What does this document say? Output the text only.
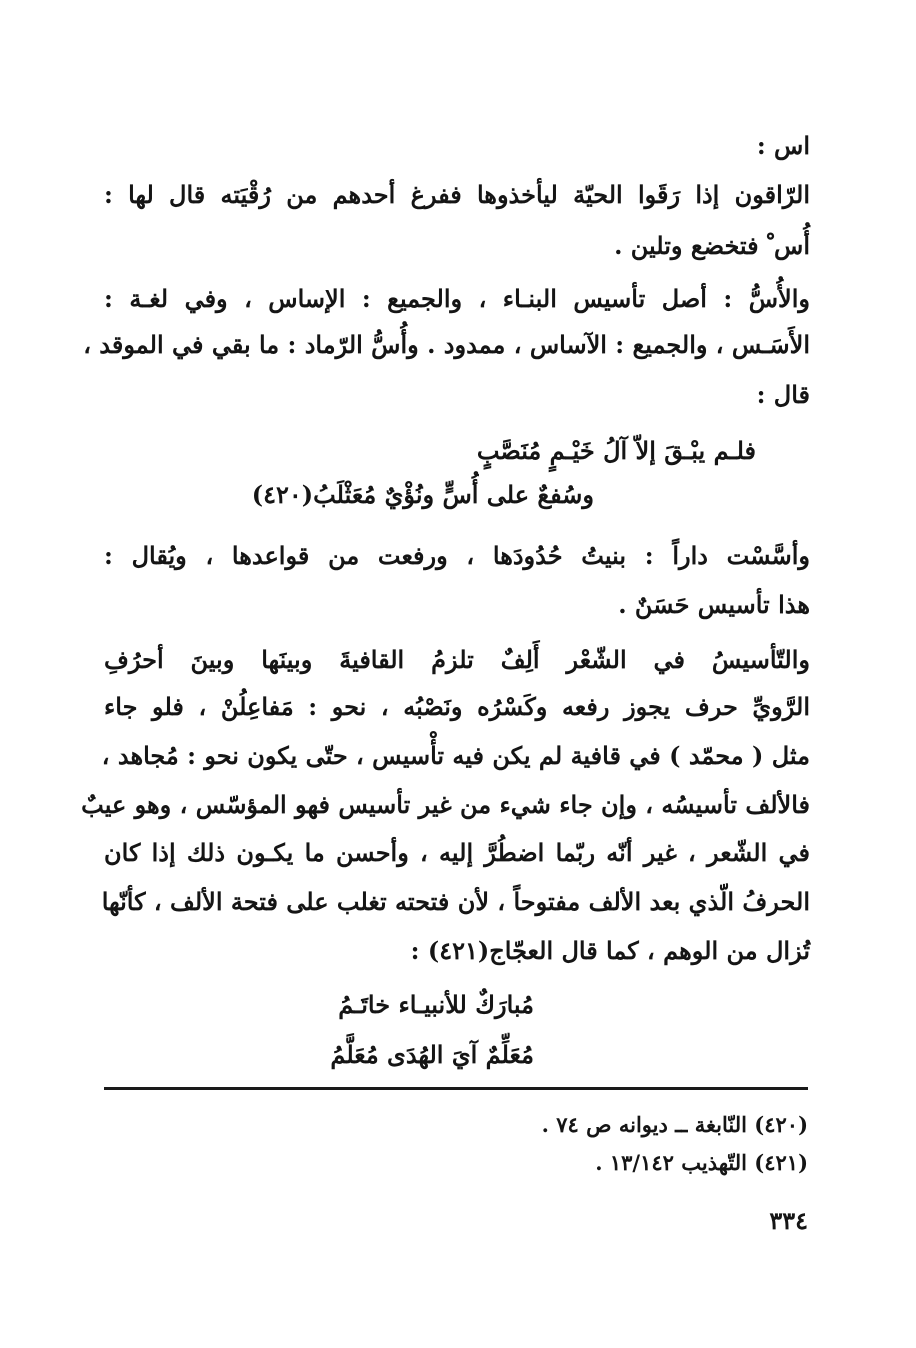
اس :
الرّاقون إذا رَقَوا الحيّة ليأخذوها ففرغ أحدهم من رُقْيَته قال لها :
أُس ْ فتخضع وتلين .
والأُسُّ : أصل تأسيس البنـاء ، والجميع : الإساس ، وفي لغـة :
الأَسَـس ، والجميع : الآساس ، ممدود . وأُسُّ الرّماد : ما بقي في الموقد ،
قال :
فلـم يبْـقَ إلاّ آلُ خَيْـمٍ مُنَصَّبٍ
وسُفعٌ على أُسٍّ ونُؤْيٌ مُعَثْلَبُ(٤٢٠)
وأسَّسْت داراً : بنيتُ حُدُودَها ، ورفعت من قواعدها ، ويُقال :
هذا تأسيس حَسَنٌ .
والتّأسيسُ في الشّعْر أَلِفٌ تلزمُ القافيةَ وبينَها وبينَ أحرُفِ
الرَّويِّ حرف يجوز رفعه وكَسْرُه ونَصْبُه ، نحو : مَفاعِلُنْ ، فلو جاء
مثل ( محمّد ) في قافية لم يكن فيه تأْسيس ، حتّى يكون نحو : مُجاهد ،
فالألف تأسيسُه ، وإن جاء شيء من غير تأسيس فهو المؤسّس ، وهو عيبٌ
في الشّعر ، غير أنّه ربّما اضطُرَّ إليه ، وأحسن ما يكـون ذلك إذا كان
الحرفُ الّذي بعد الألف مفتوحاً ، لأن فتحته تغلب على فتحة الألف ، كأنّها
تُزال من الوهم ، كما قال العجّاج(٤٢١) :
مُبارَكٌ للأنبيـاء خاتَـمُ
مُعَلِّمٌ آيَ الهُدَى مُعَلَّمُ
(٤٢٠) النّابغة ــ ديوانه ص ٧٤ .
(٤٢١) التّهذيب ١٣/١٤٢ .
٣٣٤
